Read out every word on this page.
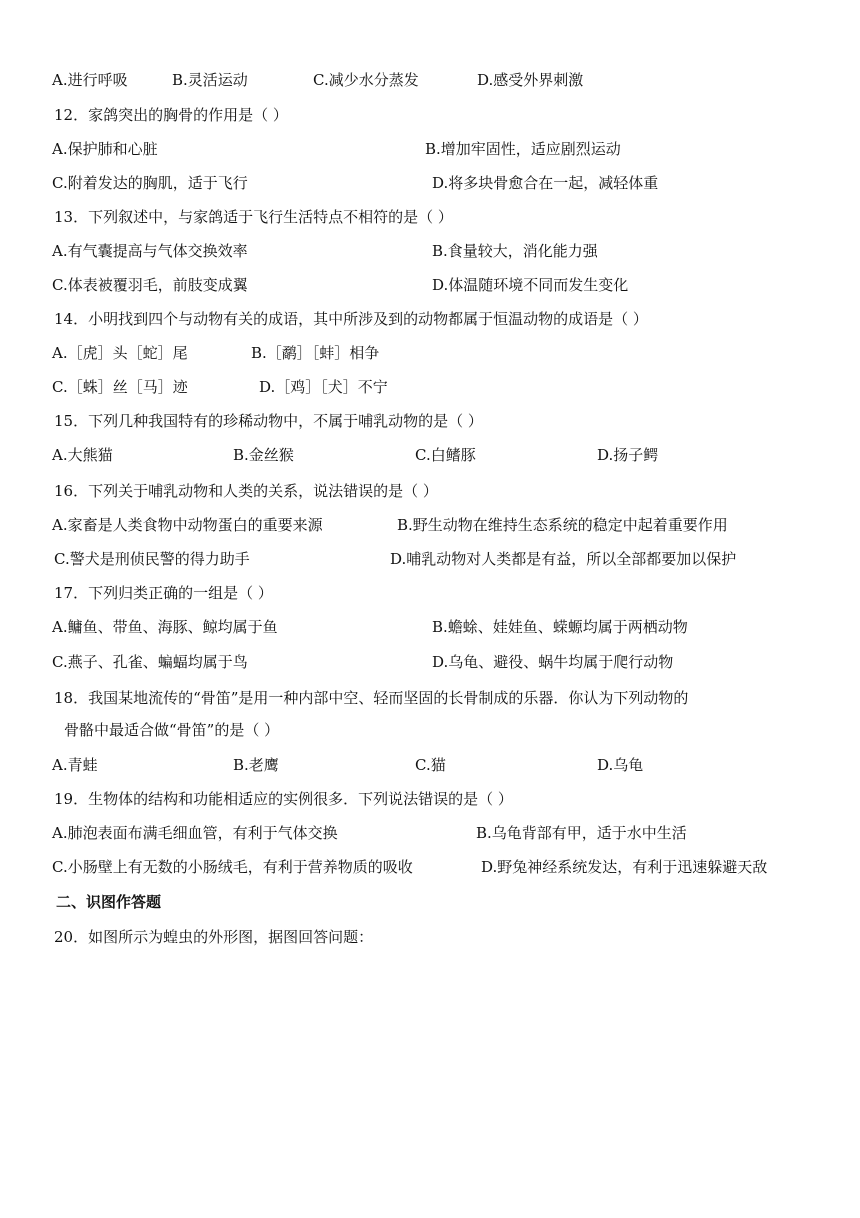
A.进行呼吸	B.灵活运动	C.减少水分蒸发	D.感受外界刺激
12．家鸽突出的胸骨的作用是（ ）
A.保护肺和心脏	B.增加牢固性，适应剧烈运动
C.附着发达的胸肌，适于飞行	D.将多块骨愈合在一起，减轻体重
13．下列叙述中，与家鸽适于飞行生活特点不相符的是（ ）
A.有气囊提高与气体交换效率	B.食量较大，消化能力强
C.体表被覆羽毛，前肢变成翼	D.体温随环境不同而发生变化
14．小明找到四个与动物有关的成语，其中所涉及到的动物都属于恒温动物的成语是（ ）
A.［虎］头［蛇］尾	B.［鹬］［蚌］相争
C.［蛛］丝［马］迹	D.［鸡］［犬］不宁
15．下列几种我国特有的珍稀动物中，不属于哺乳动物的是（ ）
A.大熊猫	B.金丝猴	C.白鳍豚	D.扬子鳄
16．下列关于哺乳动物和人类的关系，说法错误的是（ ）
A.家畜是人类食物中动物蛋白的重要来源	B.野生动物在维持生态系统的稳定中起着重要作用
C.警犬是刑侦民警的得力助手	D.哺乳动物对人类都是有益，所以全部都要加以保护
17．下列归类正确的一组是（ ）
A.鳙鱼、带鱼、海豚、鲸均属于鱼	B.蟾蜍、娃娃鱼、蝾螈均属于两栖动物
C.燕子、孔雀、蝙蝠均属于鸟	D.乌龟、避役、蜗牛均属于爬行动物
18．我国某地流传的“骨笛”是用一种内部中空、轻而坚固的长骨制成的乐器．你认为下列动物的
骨骼中最适合做“骨笛”的是（ ）
A.青蛙	B.老鹰	C.猫	D.乌龟
19．生物体的结构和功能相适应的实例很多．下列说法错误的是（ ）
A.肺泡表面布满毛细血管，有利于气体交换	B.乌龟背部有甲，适于水中生活
C.小肠壁上有无数的小肠绒毛，有利于营养物质的吸收	D.野兔神经系统发达，有利于迅速躲避天敌
二、识图作答题
20．如图所示为蝗虫的外形图，据图回答问题：
